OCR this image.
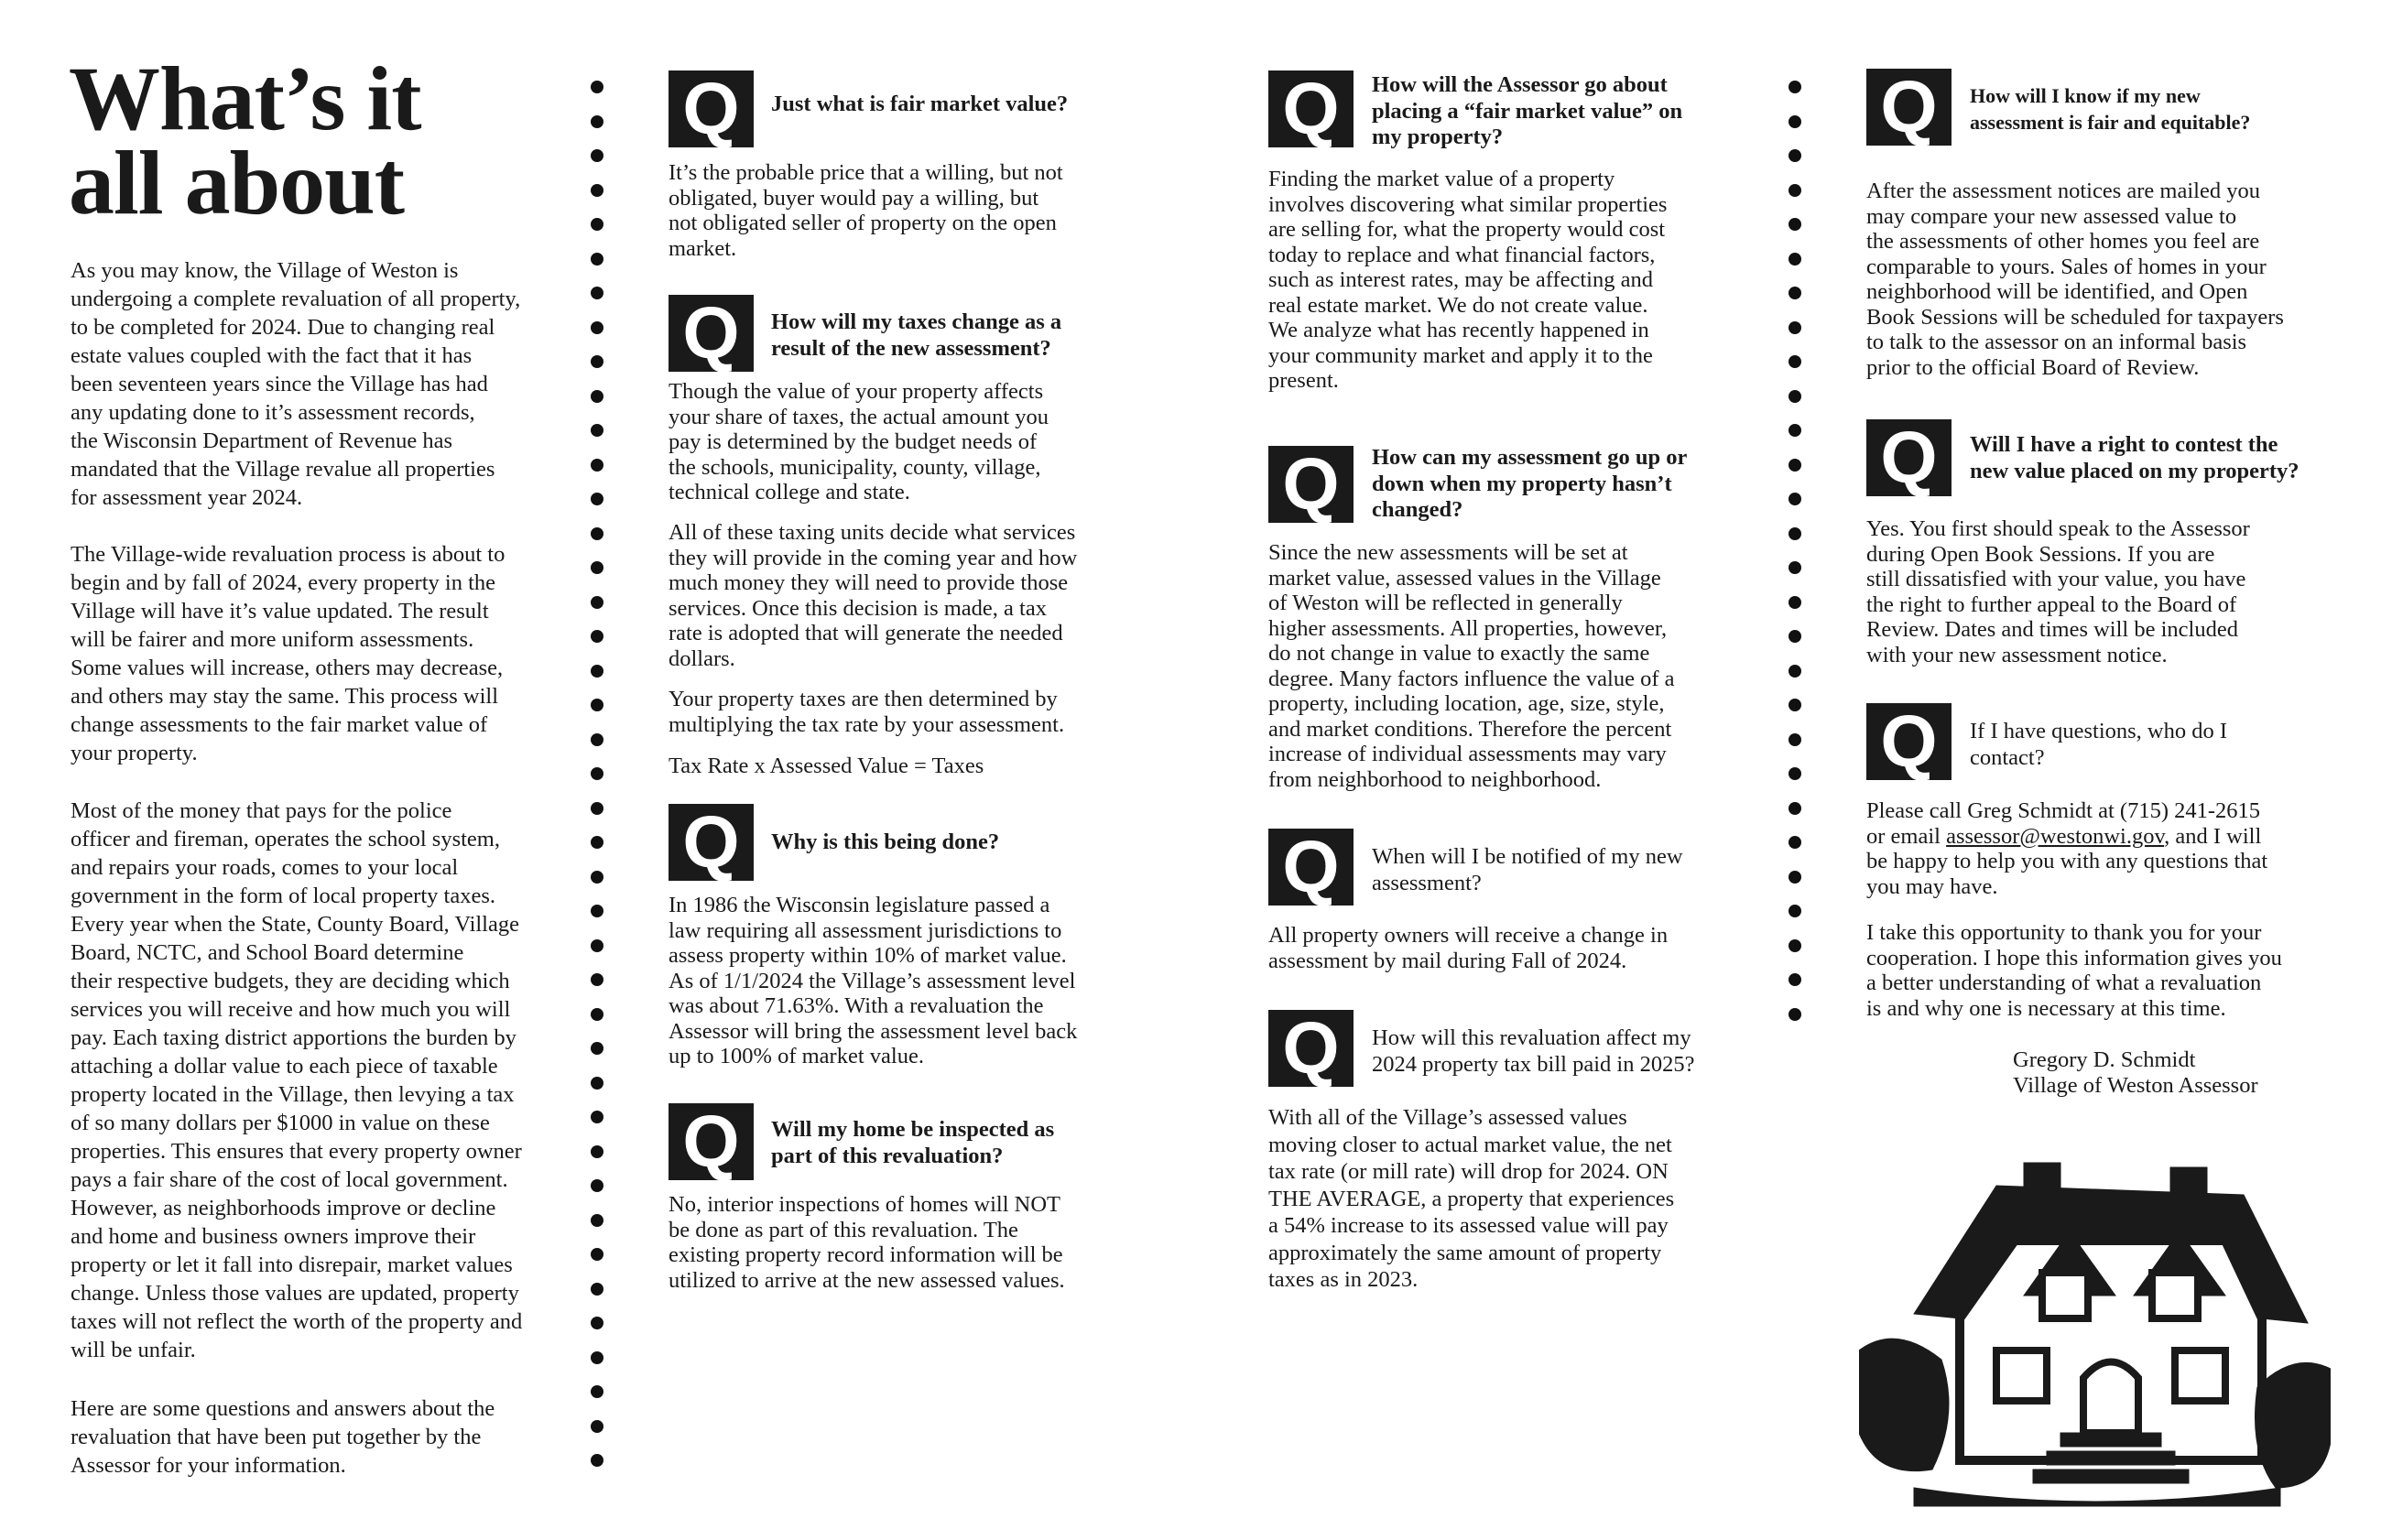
What’s it
all about

As you may know, the Village of Weston is
undergoing a complete revaluation of all property,
to be completed for 2024. Due to changing real
estate values coupled with the fact that it has
been seventeen years since the Village has had
any updating done to it’s assessment records,
the Wisconsin Department of Revenue has
mandated that the Village revalue all properties
for assessment year 2024.

The Village-wide revaluation process is about to
begin and by fall of 2024, every property in the
Village will have it’s value updated. The result
will be fairer and more uniform assessments.
Some values will increase, others may decrease,
and others may stay the same. This process will
change assessments to the fair market value of
your property.

Most of the money that pays for the police
officer and fireman, operates the school system,
and repairs your roads, comes to your local
government in the form of local property taxes.
Every year when the State, County Board, Village
Board, NCTC, and School Board determine
their respective budgets, they are deciding which
services you will receive and how much you will
pay. Each taxing district apportions the burden by
attaching a dollar value to each piece of taxable
property located in the Village, then levying a tax
of so many dollars per $1000 in value on these
properties. This ensures that every property owner
pays a fair share of the cost of local government.
However, as neighborhoods improve or decline
and home and business owners improve their
property or let it fall into disrepair, market values
change. Unless those values are updated, property
taxes will not reflect the worth of the property and
will be unfair.

Here are some questions and answers about the
revaluation that have been put together by the
Assessor for your information.

Q	Just what is fair market value?
It’s the probable price that a willing, but not
obligated, buyer would pay a willing, but
not obligated seller of property on the open
market.
Q	How will my taxes change as a
result of the new assessment?
Though the value of your property affects
your share of taxes, the actual amount you
pay is determined by the budget needs of
the schools, municipality, county, village,
technical college and state.
All of these taxing units decide what services
they will provide in the coming year and how
much money they will need to provide those
services. Once this decision is made, a tax
rate is adopted that will generate the needed
dollars.
Your property taxes are then determined by
multiplying the tax rate by your assessment.
Tax Rate x Assessed Value = Taxes
Q	Why is this being done?
In 1986 the Wisconsin legislature passed a
law requiring all assessment jurisdictions to
assess property within 10% of market value.
As of 1/1/2024 the Village’s assessment level
was about 71.63%. With a revaluation the
Assessor will bring the assessment level back
up to 100% of market value.
Q	Will my home be inspected as
part of this revaluation?
No, interior inspections of homes will NOT
be done as part of this revaluation. The
existing property record information will be
utilized to arrive at the new assessed values.
Q	How will the Assessor go about
placing a “fair market value” on
my property?
Finding the market value of a property
involves discovering what similar properties
are selling for, what the property would cost
today to replace and what financial factors,
such as interest rates, may be affecting and
real estate market. We do not create value.
We analyze what has recently happened in
your community market and apply it to the
present.
Q	How can my assessment go up or
down when my property hasn’t
changed?
Since the new assessments will be set at
market value, assessed values in the Village
of Weston will be reflected in generally
higher assessments. All properties, however,
do not change in value to exactly the same
degree. Many factors influence the value of a
property, including location, age, size, style,
and market conditions. Therefore the percent
increase of individual assessments may vary
from neighborhood to neighborhood.
Q	When will I be notified of my new
assessment?
All property owners will receive a change in
assessment by mail during Fall of 2024.
Q	How will this revaluation affect my
2024 property tax bill paid in 2025?
With all of the Village’s assessed values
moving closer to actual market value, the net
tax rate (or mill rate) will drop for 2024. ON
THE AVERAGE, a property that experiences
a 54% increase to its assessed value will pay
approximately the same amount of property
taxes as in 2023.
Q	How will I know if my new
assessment is fair and equitable?
After the assessment notices are mailed you
may compare your new assessed value to
the assessments of other homes you feel are
comparable to yours. Sales of homes in your
neighborhood will be identified, and Open
Book Sessions will be scheduled for taxpayers
to talk to the assessor on an informal basis
prior to the official Board of Review.
Q	Will I have a right to contest the
new value placed on my property?
Yes. You first should speak to the Assessor
during Open Book Sessions. If you are
still dissatisfied with your value, you have
the right to further appeal to the Board of
Review. Dates and times will be included
with your new assessment notice.
Q	If I have questions, who do I
contact?
Please call Greg Schmidt at (715) 241-2615
or email assessor@westonwi.gov, and I will
be happy to help you with any questions that
you may have.
I take this opportunity to thank you for your
cooperation. I hope this information gives you
a better understanding of what a revaluation
is and why one is necessary at this time.
Gregory D. Schmidt
Village of Weston Assessor
